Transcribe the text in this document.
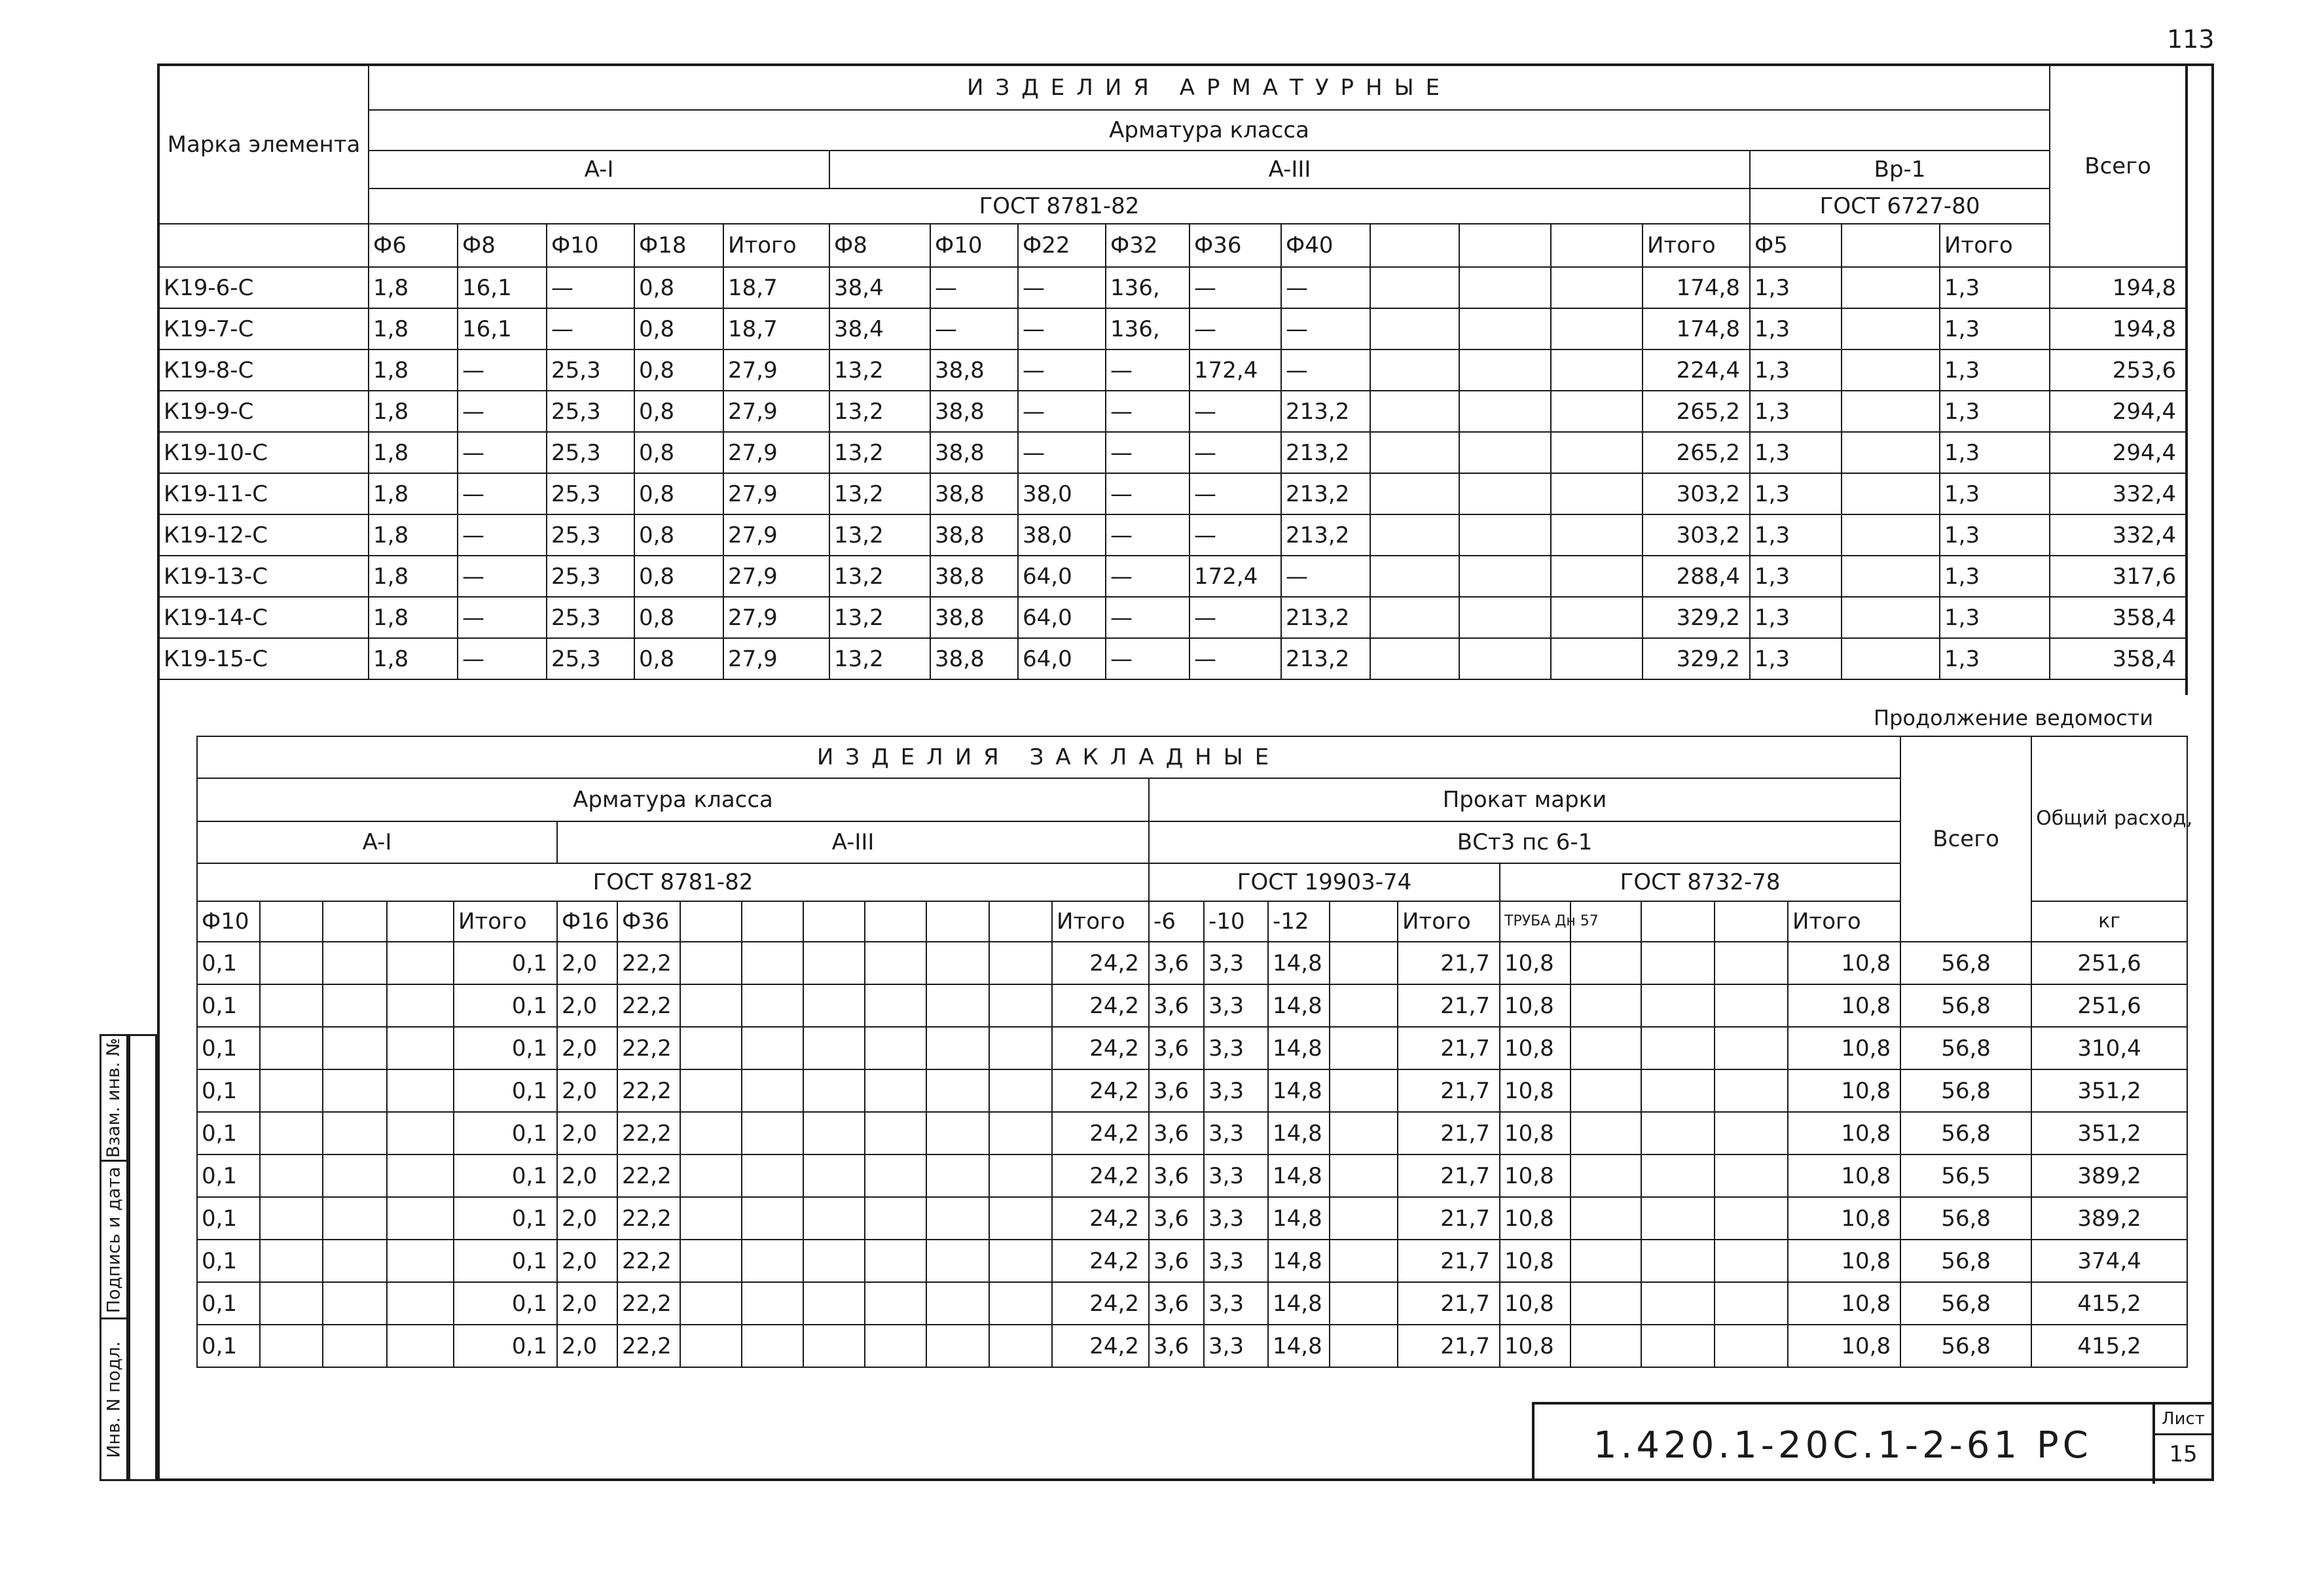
113
Марка элемента	ИЗДЕЛИЯ АРМАТУРНЫЕ																		Всего
	Арматура класса																		
	A-I					A-III										Вр-1			
	ГОСТ 8781-82															ГОСТ 6727-80			
	Ф6	Ф8	Ф10	Ф18	Итого	Ф8	Ф10	Ф22	Ф32	Ф36	Ф40				Итого	Ф5		Итого	
К19-6-С	1,8	16,1	—	0,8	18,7	38,4	—	—	136,	—	—				174,8	1,3		1,3	194,8
К19-7-С	1,8	16,1	—	0,8	18,7	38,4	—	—	136,	—	—				174,8	1,3		1,3	194,8
К19-8-С	1,8	—	25,3	0,8	27,9	13,2	38,8	—	—	172,4	—				224,4	1,3		1,3	253,6
К19-9-С	1,8	—	25,3	0,8	27,9	13,2	38,8	—	—	—	213,2				265,2	1,3		1,3	294,4
К19-10-С	1,8	—	25,3	0,8	27,9	13,2	38,8	—	—	—	213,2				265,2	1,3		1,3	294,4
К19-11-С	1,8	—	25,3	0,8	27,9	13,2	38,8	38,0	—	—	213,2				303,2	1,3		1,3	332,4
К19-12-С	1,8	—	25,3	0,8	27,9	13,2	38,8	38,0	—	—	213,2				303,2	1,3		1,3	332,4
К19-13-С	1,8	—	25,3	0,8	27,9	13,2	38,8	64,0	—	172,4	—				288,4	1,3		1,3	317,6
К19-14-С	1,8	—	25,3	0,8	27,9	13,2	38,8	64,0	—	—	213,2				329,2	1,3		1,3	358,4
К19-15-С	1,8	—	25,3	0,8	27,9	13,2	38,8	64,0	—	—	213,2				329,2	1,3		1,3	358,4
Продолжение ведомости
ИЗДЕЛИЯ ЗАКЛАДНЫЕ																								Всего	Общий расход,
Арматура класса														Прокат марки											
A-I					A-III									ВСт3 пс 6-1											
ГОСТ 8781-82														ГОСТ 19903-74					ГОСТ 8732-78						
Ф10				Итого	Ф16	Ф36							Итого	-6	-10	-12		Итого	ТРУБА Дн 57				Итого		кг
0,1				0,1	2,0	22,2							24,2	3,6	3,3	14,8		21,7	10,8				10,8	56,8	251,6
0,1				0,1	2,0	22,2							24,2	3,6	3,3	14,8		21,7	10,8				10,8	56,8	251,6
0,1				0,1	2,0	22,2							24,2	3,6	3,3	14,8		21,7	10,8				10,8	56,8	310,4
0,1				0,1	2,0	22,2							24,2	3,6	3,3	14,8		21,7	10,8				10,8	56,8	351,2
0,1				0,1	2,0	22,2							24,2	3,6	3,3	14,8		21,7	10,8				10,8	56,8	351,2
0,1				0,1	2,0	22,2							24,2	3,6	3,3	14,8		21,7	10,8				10,8	56,5	389,2
0,1				0,1	2,0	22,2							24,2	3,6	3,3	14,8		21,7	10,8				10,8	56,8	389,2
0,1				0,1	2,0	22,2							24,2	3,6	3,3	14,8		21,7	10,8				10,8	56,8	374,4
0,1				0,1	2,0	22,2							24,2	3,6	3,3	14,8		21,7	10,8				10,8	56,8	415,2
0,1				0,1	2,0	22,2							24,2	3,6	3,3	14,8		21,7	10,8				10,8	56,8	415,2
Взам. инв. №
Подпись и дата
Инв. N подл.	1.420.1-20С.1-2-61 РС
Лист
15
